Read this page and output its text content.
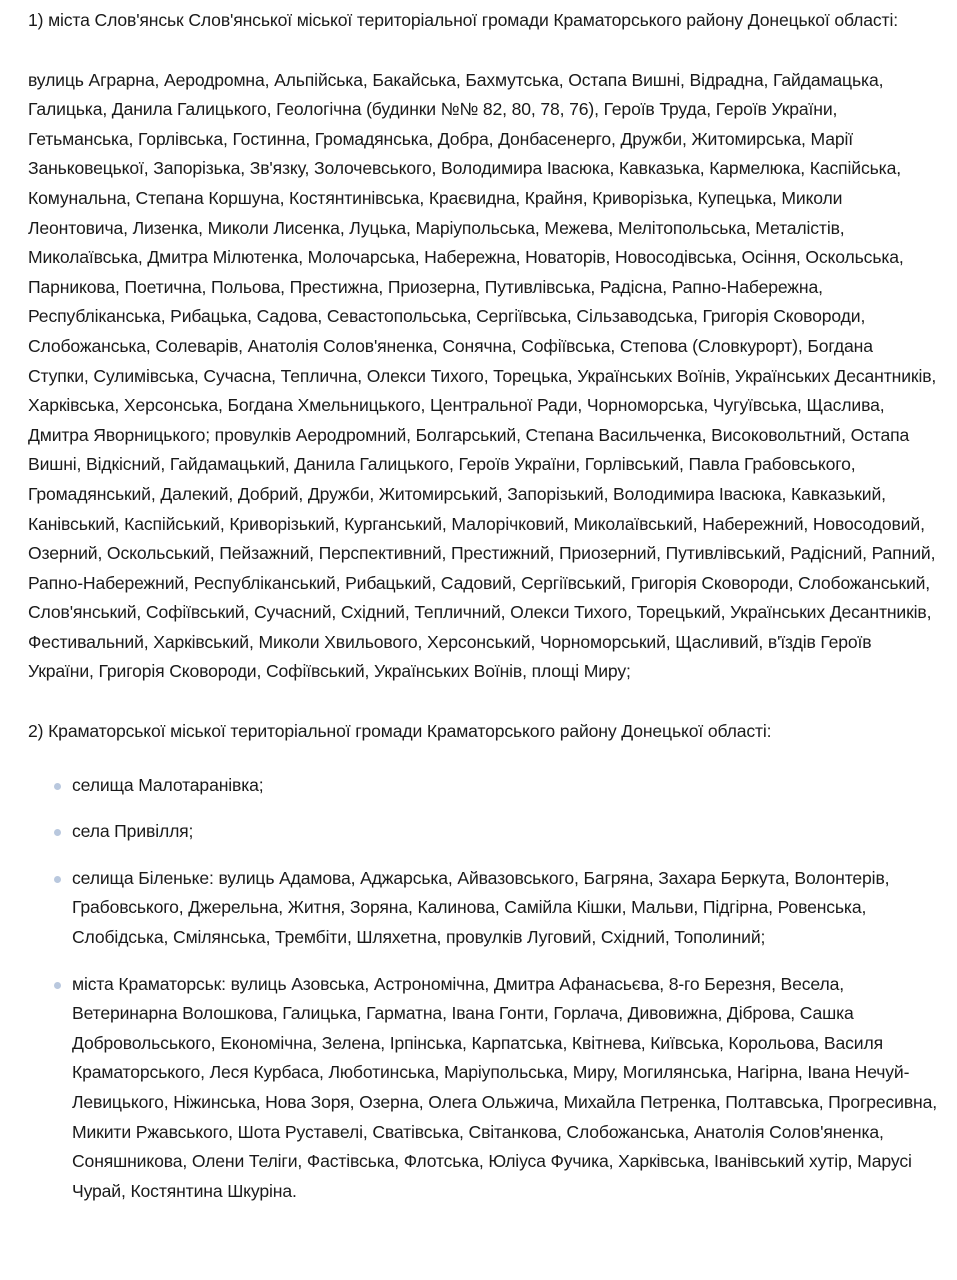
1) міста Слов'янськ Слов'янської міської територіальної громади Краматорського району Донецької області:

вулиць Аграрна, Аеродромна, Альпійська, Бакайська, Бахмутська, Остапа Вишні, Відрадна, Гайдамацька, Галицька, Данила Галицького, Геологічна (будинки №№ 82, 80, 78, 76), Героїв Труда, Героїв України, Гетьманська, Горлівська, Гостинна, Громадянська, Добра, Донбасенерго, Дружби, Житомирська, Марії Заньковецької, Запорізька, Зв'язку, Золочевського, Володимира Івасюка, Кавказька, Кармелюка, Каспійська, Комунальна, Степана Коршуна, Костянтинівська, Краєвидна, Крайня, Криворізька, Купецька, Миколи Леонтовича, Лизенка, Миколи Лисенка, Луцька, Маріупольська, Межева, Мелітопольська, Металістів, Миколаївська, Дмитра Мілютенка, Молочарська, Набережна, Новаторів, Новосодівська, Осіння, Оскольська, Парникова, Поетична, Польова, Престижна, Приозерна, Путивлівська, Радісна, Рапно-Набережна, Республіканська, Рибацька, Садова, Севастопольська, Сергіївська, Сільзаводська, Григорія Сковороди, Слобожанська, Солеварів, Анатолія Солов'яненка, Сонячна, Софіївська, Степова (Словкурорт), Богдана Ступки, Сулимівська, Сучасна, Теплична, Олекси Тихого, Торецька, Українських Воїнів, Українських Десантників, Харківська, Херсонська, Богдана Хмельницького, Центральної Ради, Чорноморська, Чугуївська, Щаслива, Дмитра Яворницького; провулків Аеродромний, Болгарський, Степана Васильченка, Високовольтний, Остапа Вишні, Відкісний, Гайдамацький, Данила Галицького, Героїв України, Горлівський, Павла Грабовського, Громадянський, Далекий, Добрий, Дружби, Житомирський, Запорізький, Володимира Івасюка, Кавказький, Канівський, Каспійський, Криворізький, Курганський, Малорічковий, Миколаївський, Набережний, Новосодовий, Озерний, Оскольський, Пейзажний, Перспективний, Престижний, Приозерний, Путивлівський, Радісний, Рапний, Рапно-Набережний, Республіканський, Рибацький, Садовий, Сергіївський, Григорія Сковороди, Слобожанський, Слов'янський, Софіївський, Сучасний, Східний, Тепличний, Олекси Тихого, Торецький, Українських Десантників, Фестивальний, Харківський, Миколи Хвильового, Херсонський, Чорноморський, Щасливий, в'їздів Героїв України, Григорія Сковороди, Софіївський, Українських Воїнів, площі Миру;

2) Краматорської міської територіальної громади Краматорського району Донецької області:

селища Малотаранівка;
села Привілля;
селища Біленьке: вулиць Адамова, Аджарська, Айвазовського, Багряна, Захара Беркута, Волонтерів, Грабовського, Джерельна, Житня, Зоряна, Калинова, Самійла Кішки, Мальви, Підгірна, Ровенська, Слобідська, Смілянська, Трембіти, Шляхетна, провулків Луговий, Східний, Тополиний;
міста Краматорськ: вулиць Азовська, Астрономічна, Дмитра Афанасьєва, 8-го Березня, Весела, Ветеринарна Волошкова, Галицька, Гарматна, Івана Гонти, Горлача, Дивовижна, Діброва, Сашка Добровольського, Економічна, Зелена, Ірпінська, Карпатська, Квітнева, Київська, Корольова, Василя Краматорського, Леся Курбаса, Люботинська, Маріупольська, Миру, Могилянська, Нагірна, Івана Нечуй-Левицького, Ніжинська, Нова Зоря, Озерна, Олега Ольжича, Михайла Петренка, Полтавська, Прогресивна, Микити Ржавського, Шота Руставелі, Сватівська, Світанкова, Слобожанська, Анатолія Солов'яненка, Соняшникова, Олени Теліги, Фастівська, Флотська, Юліуса Фучика, Харківська, Іванівський хутір, Марусі Чурай, Костянтина Шкуріна.
